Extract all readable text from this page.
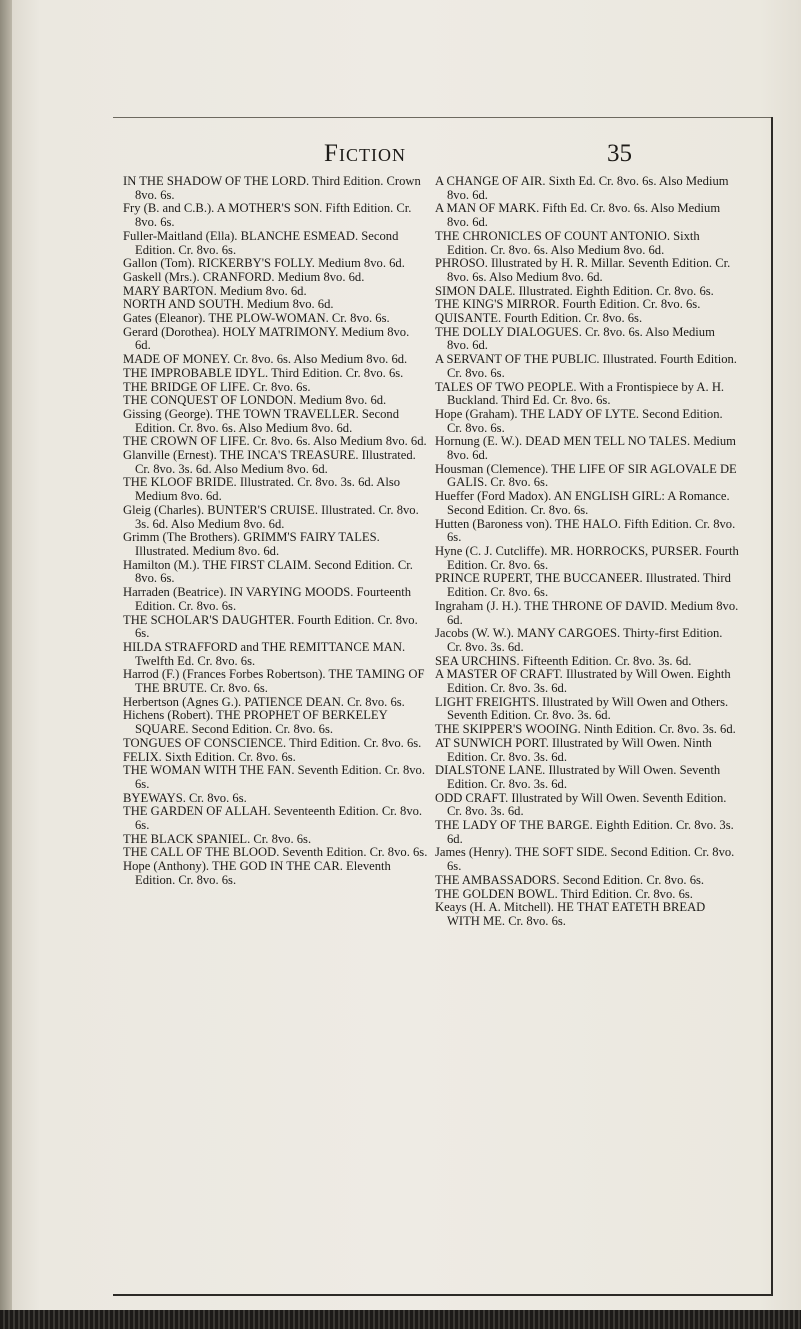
Fiction	35
IN THE SHADOW OF THE LORD. Third Edition. Crown 8vo. 6s.
Fry (B. and C.B.). A MOTHER'S SON. Fifth Edition. Cr. 8vo. 6s.
Fuller-Maitland (Ella). BLANCHE ESMEAD. Second Edition. Cr. 8vo. 6s.
Gallon (Tom). RICKERBY'S FOLLY. Medium 8vo. 6d.
Gaskell (Mrs.). CRANFORD. Medium 8vo. 6d.
MARY BARTON. Medium 8vo. 6d.
NORTH AND SOUTH. Medium 8vo. 6d.
Gates (Eleanor). THE PLOW-WOMAN. Cr. 8vo. 6s.
Gerard (Dorothea). HOLY MATRIMONY. Medium 8vo. 6d.
MADE OF MONEY. Cr. 8vo. 6s. Also Medium 8vo. 6d.
THE IMPROBABLE IDYL. Third Edition. Cr. 8vo. 6s.
THE BRIDGE OF LIFE. Cr. 8vo. 6s.
THE CONQUEST OF LONDON. Medium 8vo. 6d.
Gissing (George). THE TOWN TRAVELLER. Second Edition. Cr. 8vo. 6s. Also Medium 8vo. 6d.
THE CROWN OF LIFE. Cr. 8vo. 6s. Also Medium 8vo. 6d.
Glanville (Ernest). THE INCA'S TREASURE. Illustrated. Cr. 8vo. 3s. 6d. Also Medium 8vo. 6d.
THE KLOOF BRIDE. Illustrated. Cr. 8vo. 3s. 6d. Also Medium 8vo. 6d.
Gleig (Charles). BUNTER'S CRUISE. Illustrated. Cr. 8vo. 3s. 6d. Also Medium 8vo. 6d.
Grimm (The Brothers). GRIMM'S FAIRY TALES. Illustrated. Medium 8vo. 6d.
Hamilton (M.). THE FIRST CLAIM. Second Edition. Cr. 8vo. 6s.
Harraden (Beatrice). IN VARYING MOODS. Fourteenth Edition. Cr. 8vo. 6s.
THE SCHOLAR'S DAUGHTER. Fourth Edition. Cr. 8vo. 6s.
HILDA STRAFFORD and THE REMITTANCE MAN. Twelfth Ed. Cr. 8vo. 6s.
Harrod (F.) (Frances Forbes Robertson). THE TAMING OF THE BRUTE. Cr. 8vo. 6s.
Herbertson (Agnes G.). PATIENCE DEAN. Cr. 8vo. 6s.
Hichens (Robert). THE PROPHET OF BERKELEY SQUARE. Second Edition. Cr. 8vo. 6s.
TONGUES OF CONSCIENCE. Third Edition. Cr. 8vo. 6s.
FELIX. Sixth Edition. Cr. 8vo. 6s.
THE WOMAN WITH THE FAN. Seventh Edition. Cr. 8vo. 6s.
BYEWAYS. Cr. 8vo. 6s.
THE GARDEN OF ALLAH. Seventeenth Edition. Cr. 8vo. 6s.
THE BLACK SPANIEL. Cr. 8vo. 6s.
THE CALL OF THE BLOOD. Seventh Edition. Cr. 8vo. 6s.
Hope (Anthony). THE GOD IN THE CAR. Eleventh Edition. Cr. 8vo. 6s.
A CHANGE OF AIR. Sixth Ed. Cr. 8vo. 6s. Also Medium 8vo. 6d.
A MAN OF MARK. Fifth Ed. Cr. 8vo. 6s. Also Medium 8vo. 6d.
THE CHRONICLES OF COUNT ANTONIO. Sixth Edition. Cr. 8vo. 6s. Also Medium 8vo. 6d.
PHROSO. Illustrated by H. R. Millar. Seventh Edition. Cr. 8vo. 6s. Also Medium 8vo. 6d.
SIMON DALE. Illustrated. Eighth Edition. Cr. 8vo. 6s.
THE KING'S MIRROR. Fourth Edition. Cr. 8vo. 6s.
QUISANTE. Fourth Edition. Cr. 8vo. 6s.
THE DOLLY DIALOGUES. Cr. 8vo. 6s. Also Medium 8vo. 6d.
A SERVANT OF THE PUBLIC. Illustrated. Fourth Edition. Cr. 8vo. 6s.
TALES OF TWO PEOPLE. With a Frontispiece by A. H. Buckland. Third Ed. Cr. 8vo. 6s.
Hope (Graham). THE LADY OF LYTE. Second Edition. Cr. 8vo. 6s.
Hornung (E. W.). DEAD MEN TELL NO TALES. Medium 8vo. 6d.
Housman (Clemence). THE LIFE OF SIR AGLOVALE DE GALIS. Cr. 8vo. 6s.
Hueffer (Ford Madox). AN ENGLISH GIRL: A Romance. Second Edition. Cr. 8vo. 6s.
Hutten (Baroness von). THE HALO. Fifth Edition. Cr. 8vo. 6s.
Hyne (C. J. Cutcliffe). MR. HORROCKS, PURSER. Fourth Edition. Cr. 8vo. 6s.
PRINCE RUPERT, THE BUCCANEER. Illustrated. Third Edition. Cr. 8vo. 6s.
Ingraham (J. H.). THE THRONE OF DAVID. Medium 8vo. 6d.
Jacobs (W. W.). MANY CARGOES. Thirty-first Edition. Cr. 8vo. 3s. 6d.
SEA URCHINS. Fifteenth Edition. Cr. 8vo. 3s. 6d.
A MASTER OF CRAFT. Illustrated by Will Owen. Eighth Edition. Cr. 8vo. 3s. 6d.
LIGHT FREIGHTS. Illustrated by Will Owen and Others. Seventh Edition. Cr. 8vo. 3s. 6d.
THE SKIPPER'S WOOING. Ninth Edition. Cr. 8vo. 3s. 6d.
AT SUNWICH PORT. Illustrated by Will Owen. Ninth Edition. Cr. 8vo. 3s. 6d.
DIALSTONE LANE. Illustrated by Will Owen. Seventh Edition. Cr. 8vo. 3s. 6d.
ODD CRAFT. Illustrated by Will Owen. Seventh Edition. Cr. 8vo. 3s. 6d.
THE LADY OF THE BARGE. Eighth Edition. Cr. 8vo. 3s. 6d.
James (Henry). THE SOFT SIDE. Second Edition. Cr. 8vo. 6s.
THE AMBASSADORS. Second Edition. Cr. 8vo. 6s.
THE GOLDEN BOWL. Third Edition. Cr. 8vo. 6s.
Keays (H. A. Mitchell). HE THAT EATETH BREAD WITH ME. Cr. 8vo. 6s.
